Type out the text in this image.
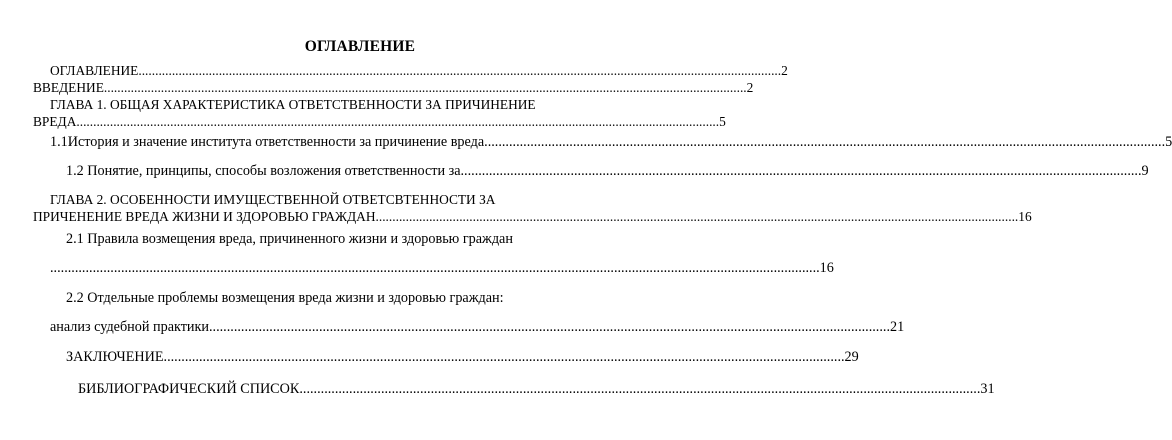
ОГЛАВЛЕНИЕ
ОГЛАВЛЕНИЕ ................................................................................................................................................................................................ 2
ВВЕДЕНИЕ ................................................................................................................................................................................................ 2
ГЛАВА 1. ОБЩАЯ ХАРАКТЕРИСТИКА ОТВЕТСТВЕННОСТИ ЗА ПРИЧИНЕНИЕ
ВРЕДА ................................................................................................................................................................................................ 5
1.1 История и значение института ответственности за причинение вреда ................................................................................................................................................................................................ 5
1.2 Понятие, принципы, способы возложения ответственности за ................................................................................................................................................................................................ 9
ГЛАВА 2. ОСОБЕННОСТИ ИМУЩЕСТВЕННОЙ ОТВЕТСВТЕННОСТИ ЗА
ПРИЧЕНЕНИЕ ВРЕДА ЖИЗНИ И ЗДОРОВЬЮ ГРАЖДАН ................................................................................................................................................................................................ 16
2.1 Правила возмещения вреда, причиненного жизни и здоровью граждан
......................................................................................................................................................................................................................... 16
2.2 Отдельные проблемы возмещения вреда жизни и здоровью граждан:
анализ судебной практики ................................................................................................................................................................................................ 21
ЗАКЛЮЧЕНИЕ ................................................................................................................................................................................................ 29
БИБЛИОГРАФИЧЕСКИЙ СПИСОК ................................................................................................................................................................................................ 31
